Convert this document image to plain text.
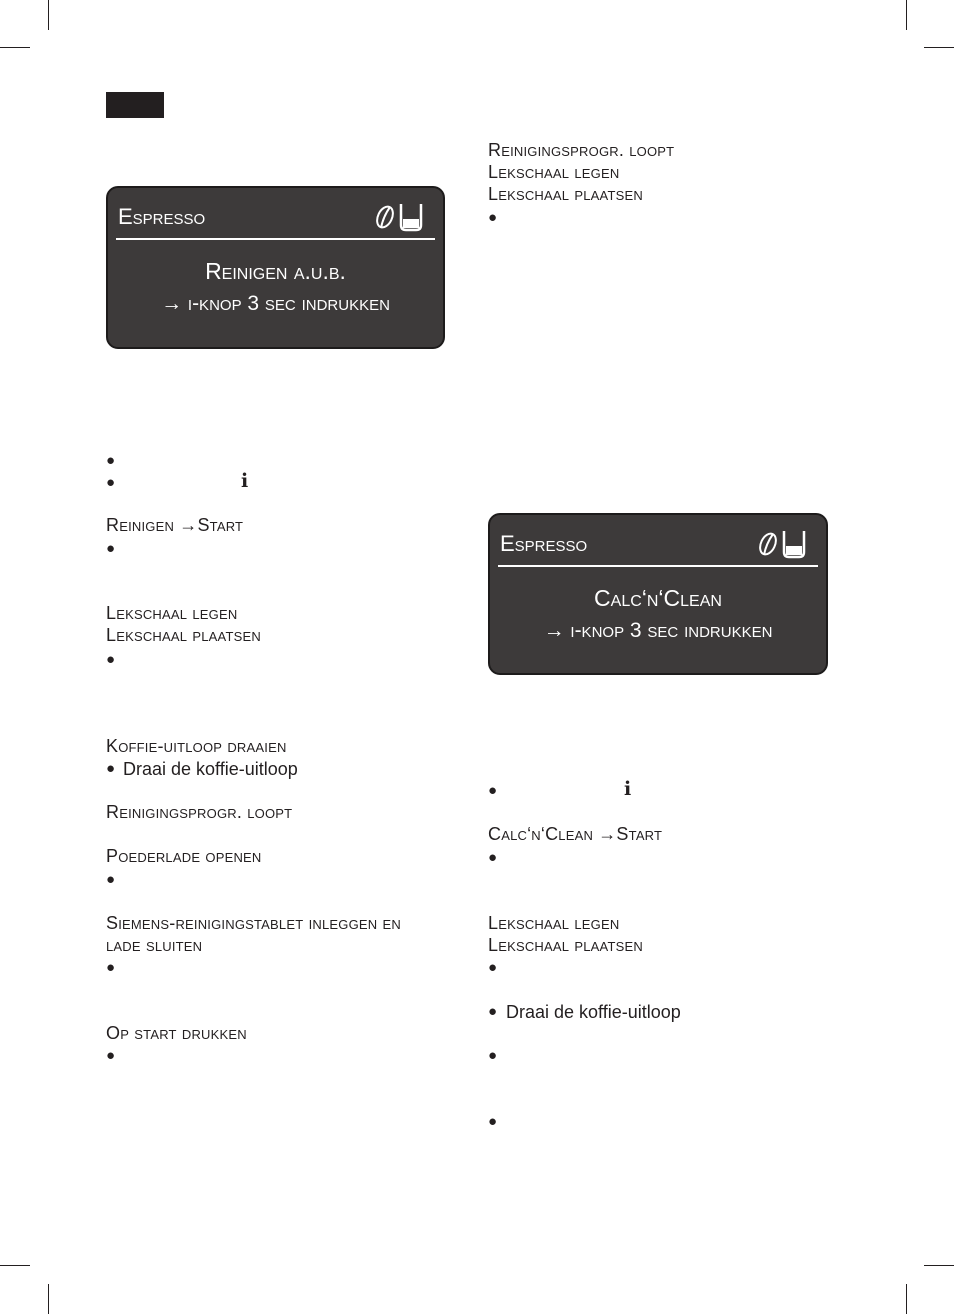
Espresso
Reinigen a.u.b.
→ i-knop 3 sec indrukken
●
●	i
Reinigen →Start
●
Lekschaal legen
Lekschaal plaatsen
●
Koffie-uitloop draaien
● Draai de koffie-uitloop
Reinigingsprogr. loopt
Poederlade openen
●
Siemens-reinigingstablet inleggen en
lade sluiten
●
Op start drukken
●
Reinigingsprogr. loopt
Lekschaal legen
Lekschaal plaatsen
●
Espresso
Calc‘n‘Clean
→ i-knop 3 sec indrukken
●	i
Calc‘n‘Clean →Start
●
Lekschaal legen
Lekschaal plaatsen
●
● Draai de koffie-uitloop
●
●
